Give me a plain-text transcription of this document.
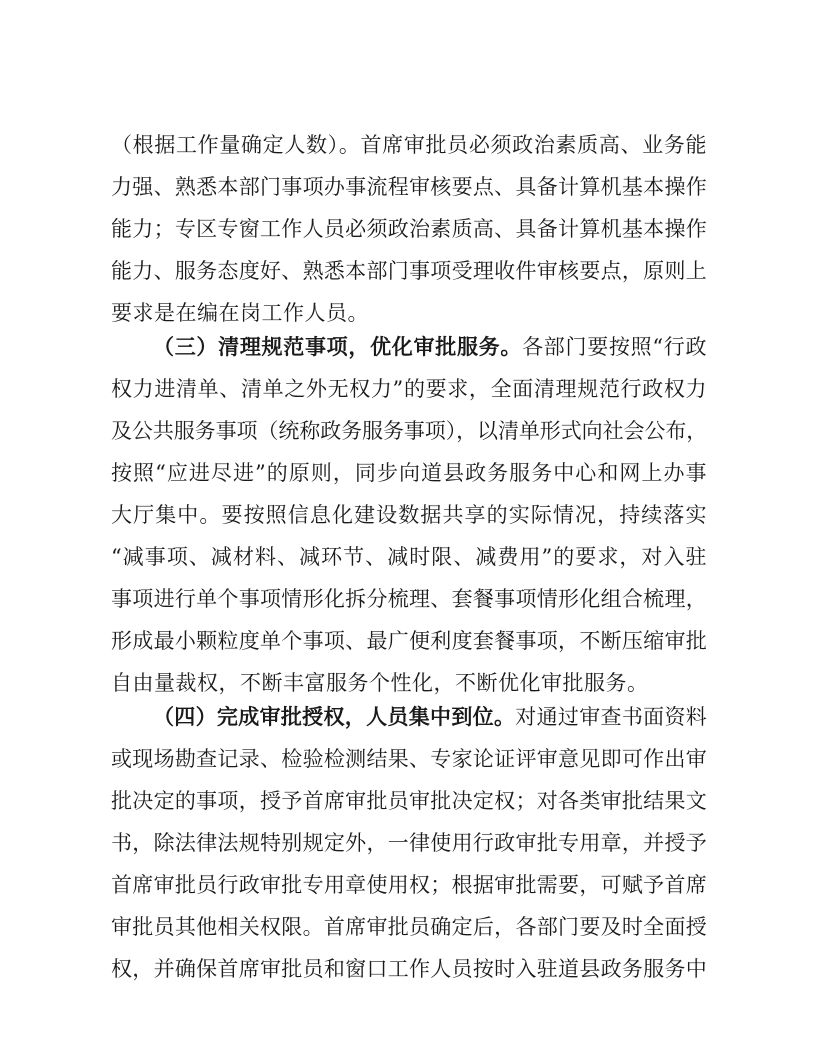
（根据工作量确定人数）。首席审批员必须政治素质高、业务能
力强、熟悉本部门事项办事流程审核要点、具备计算机基本操作
能力；专区专窗工作人员必须政治素质高、具备计算机基本操作
能力、服务态度好、熟悉本部门事项受理收件审核要点，原则上
要求是在编在岗工作人员。
（三）清理规范事项，优化审批服务。各部门要按照“行政
权力进清单、清单之外无权力”的要求，全面清理规范行政权力
及公共服务事项（统称政务服务事项），以清单形式向社会公布，
按照“应进尽进”的原则，同步向道县政务服务中心和网上办事
大厅集中。要按照信息化建设数据共享的实际情况，持续落实
“减事项、减材料、减环节、减时限、减费用”的要求，对入驻
事项进行单个事项情形化拆分梳理、套餐事项情形化组合梳理，
形成最小颗粒度单个事项、最广便利度套餐事项，不断压缩审批
自由量裁权，不断丰富服务个性化，不断优化审批服务。
（四）完成审批授权，人员集中到位。对通过审查书面资料
或现场勘查记录、检验检测结果、专家论证评审意见即可作出审
批决定的事项，授予首席审批员审批决定权；对各类审批结果文
书，除法律法规特别规定外，一律使用行政审批专用章，并授予
首席审批员行政审批专用章使用权；根据审批需要，可赋予首席
审批员其他相关权限。首席审批员确定后，各部门要及时全面授
权，并确保首席审批员和窗口工作人员按时入驻道县政务服务中
